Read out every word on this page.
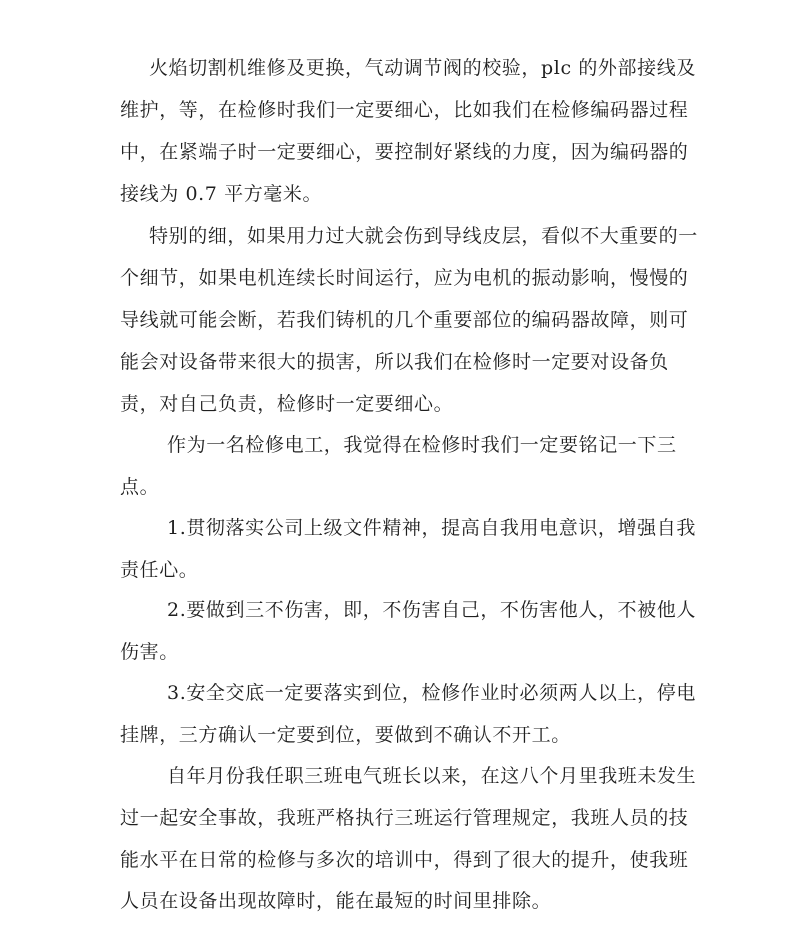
火焰切割机维修及更换，气动调节阀的校验，plc 的外部接线及

维护，等，在检修时我们一定要细心，比如我们在检修编码器过程

中，在紧端子时一定要细心，要控制好紧线的力度，因为编码器的

接线为 0.7 平方毫米。

特别的细，如果用力过大就会伤到导线皮层，看似不大重要的一

个细节，如果电机连续长时间运行，应为电机的振动影响，慢慢的

导线就可能会断，若我们铸机的几个重要部位的编码器故障，则可

能会对设备带来很大的损害，所以我们在检修时一定要对设备负

责，对自己负责，检修时一定要细心。

作为一名检修电工，我觉得在检修时我们一定要铭记一下三

点。

1.贯彻落实公司上级文件精神，提高自我用电意识，增强自我

责任心。

2.要做到三不伤害，即，不伤害自己，不伤害他人，不被他人

伤害。

3.安全交底一定要落实到位，检修作业时必须两人以上，停电

挂牌，三方确认一定要到位，要做到不确认不开工。

自年月份我任职三班电气班长以来，在这八个月里我班未发生

过一起安全事故，我班严格执行三班运行管理规定，我班人员的技

能水平在日常的检修与多次的培训中，得到了很大的提升，使我班

人员在设备出现故障时，能在最短的时间里排除。
